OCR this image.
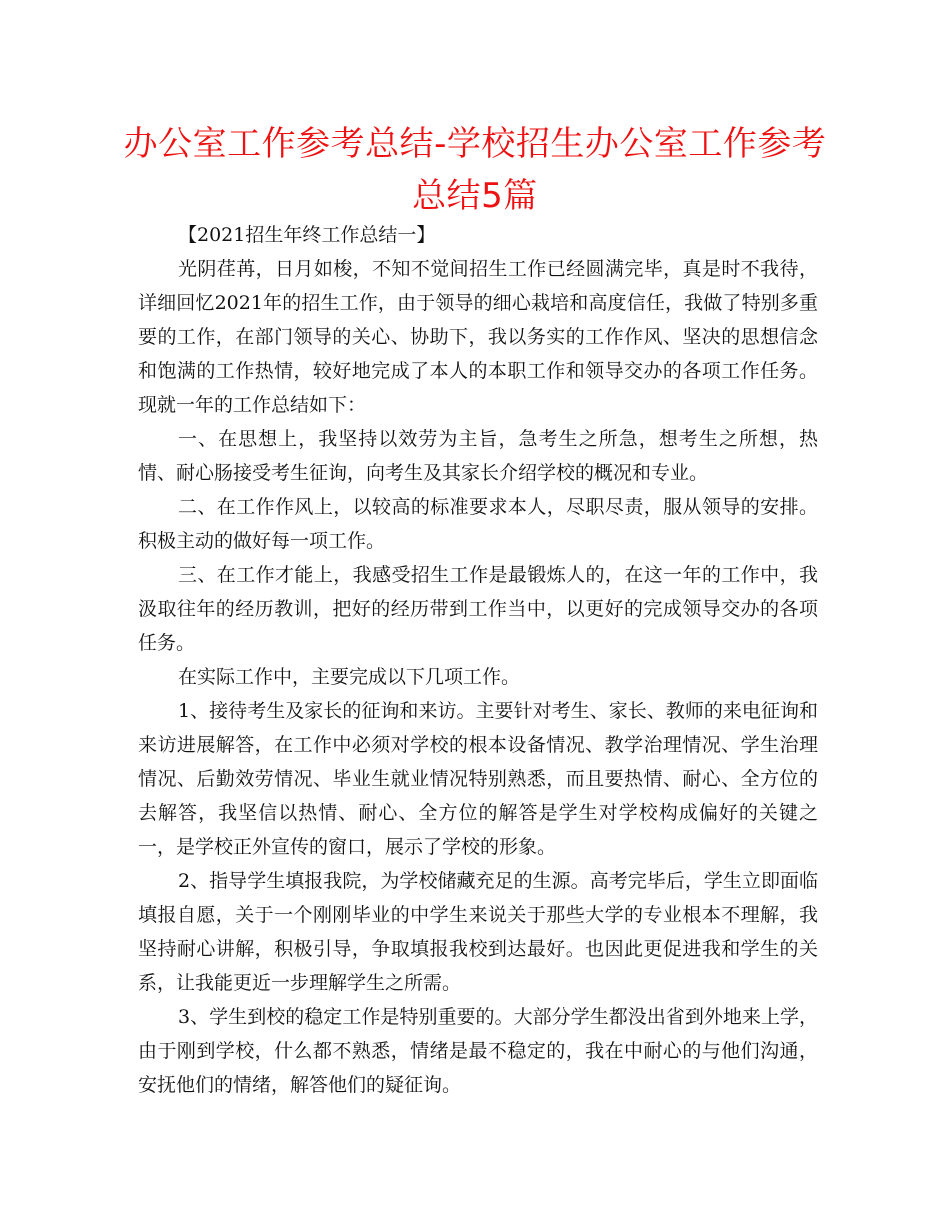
办公室工作参考总结-学校招生办公室工作参考总结5篇

【2021招生年终工作总结一】

光阴荏苒，日月如梭，不知不觉间招生工作已经圆满完毕，真是时不我待，详细回忆2021年的招生工作，由于领导的细心栽培和高度信任，我做了特别多重要的工作，在部门领导的关心、协助下，我以务实的工作作风、坚决的思想信念和饱满的工作热情，较好地完成了本人的本职工作和领导交办的各项工作任务。现就一年的工作总结如下：

一、在思想上，我坚持以效劳为主旨，急考生之所急，想考生之所想，热情、耐心肠接受考生征询，向考生及其家长介绍学校的概况和专业。

二、在工作作风上，以较高的标准要求本人，尽职尽责，服从领导的安排。积极主动的做好每一项工作。

三、在工作才能上，我感受招生工作是最锻炼人的，在这一年的工作中，我汲取往年的经历教训，把好的经历带到工作当中，以更好的完成领导交办的各项任务。

在实际工作中，主要完成以下几项工作。

1、接待考生及家长的征询和来访。主要针对考生、家长、教师的来电征询和来访进展解答，在工作中必须对学校的根本设备情况、教学治理情况、学生治理情况、后勤效劳情况、毕业生就业情况特别熟悉，而且要热情、耐心、全方位的去解答，我坚信以热情、耐心、全方位的解答是学生对学校构成偏好的关键之一，是学校正外宣传的窗口，展示了学校的形象。

2、指导学生填报我院，为学校储藏充足的生源。高考完毕后，学生立即面临填报自愿，关于一个刚刚毕业的中学生来说关于那些大学的专业根本不理解，我坚持耐心讲解，积极引导，争取填报我校到达最好。也因此更促进我和学生的关系，让我能更近一步理解学生之所需。

3、学生到校的稳定工作是特别重要的。大部分学生都没出省到外地来上学，由于刚到学校，什么都不熟悉，情绪是最不稳定的，我在中耐心的与他们沟通，安抚他们的情绪，解答他们的疑征询。
